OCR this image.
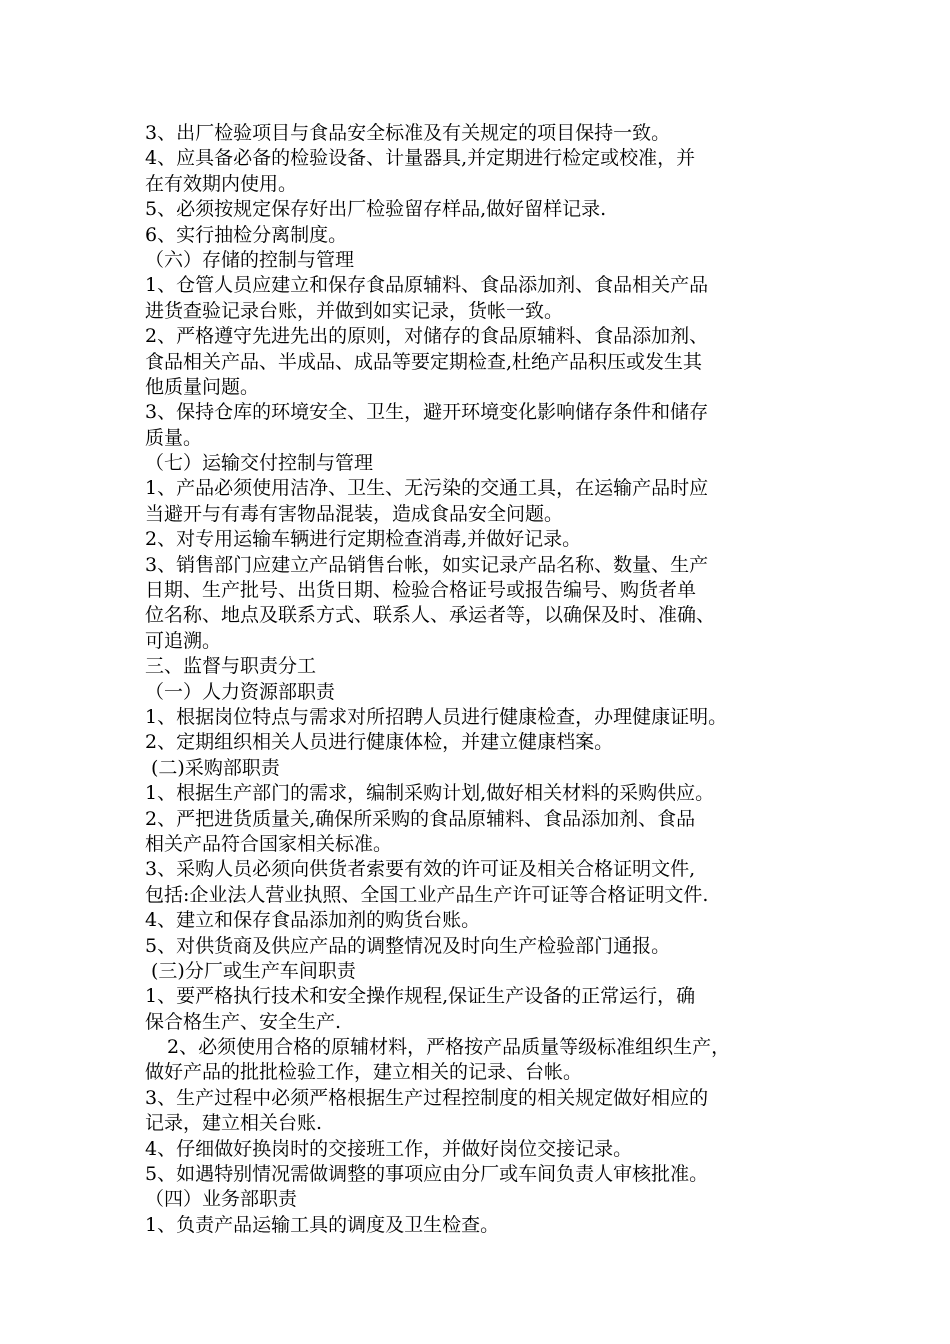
3、出厂检验项目与食品安全标准及有关规定的项目保持一致。
4、应具备必备的检验设备、计量器具,并定期进行检定或校准，并
在有效期内使用。
5、必须按规定保存好出厂检验留存样品,做好留样记录.
6、实行抽检分离制度。
（六）存储的控制与管理
1、仓管人员应建立和保存食品原辅料、食品添加剂、食品相关产品
进货查验记录台账，并做到如实记录，货帐一致。
2、严格遵守先进先出的原则，对储存的食品原辅料、食品添加剂、
食品相关产品、半成品、成品等要定期检查,杜绝产品积压或发生其
他质量问题。
3、保持仓库的环境安全、卫生，避开环境变化影响储存条件和储存
质量。
（七）运输交付控制与管理
1、产品必须使用洁净、卫生、无污染的交通工具，在运输产品时应
当避开与有毒有害物品混装，造成食品安全问题。
2、对专用运输车辆进行定期检查消毒,并做好记录。
3、销售部门应建立产品销售台帐，如实记录产品名称、数量、生产
日期、生产批号、出货日期、检验合格证号或报告编号、购货者单
位名称、地点及联系方式、联系人、承运者等，以确保及时、准确、
可追溯。
三、监督与职责分工
（一）人力资源部职责
1、根据岗位特点与需求对所招聘人员进行健康检查，办理健康证明。
2、定期组织相关人员进行健康体检，并建立健康档案。
(二)采购部职责
1、根据生产部门的需求，编制采购计划,做好相关材料的采购供应。
2、严把进货质量关,确保所采购的食品原辅料、食品添加剂、食品
相关产品符合国家相关标准。
3、采购人员必须向供货者索要有效的许可证及相关合格证明文件,
包括:企业法人营业执照、全国工业产品生产许可证等合格证明文件.
4、建立和保存食品添加剂的购货台账。
5、对供货商及供应产品的调整情况及时向生产检验部门通报。
(三)分厂或生产车间职责
1、要严格执行技术和安全操作规程,保证生产设备的正常运行，确
保合格生产、安全生产.
2、必须使用合格的原辅材料，严格按产品质量等级标准组织生产，
做好产品的批批检验工作，建立相关的记录、台帐。
3、生产过程中必须严格根据生产过程控制度的相关规定做好相应的
记录，建立相关台账.
4、仔细做好换岗时的交接班工作，并做好岗位交接记录。
5、如遇特别情况需做调整的事项应由分厂或车间负责人审核批准。
（四）业务部职责
1、负责产品运输工具的调度及卫生检查。
